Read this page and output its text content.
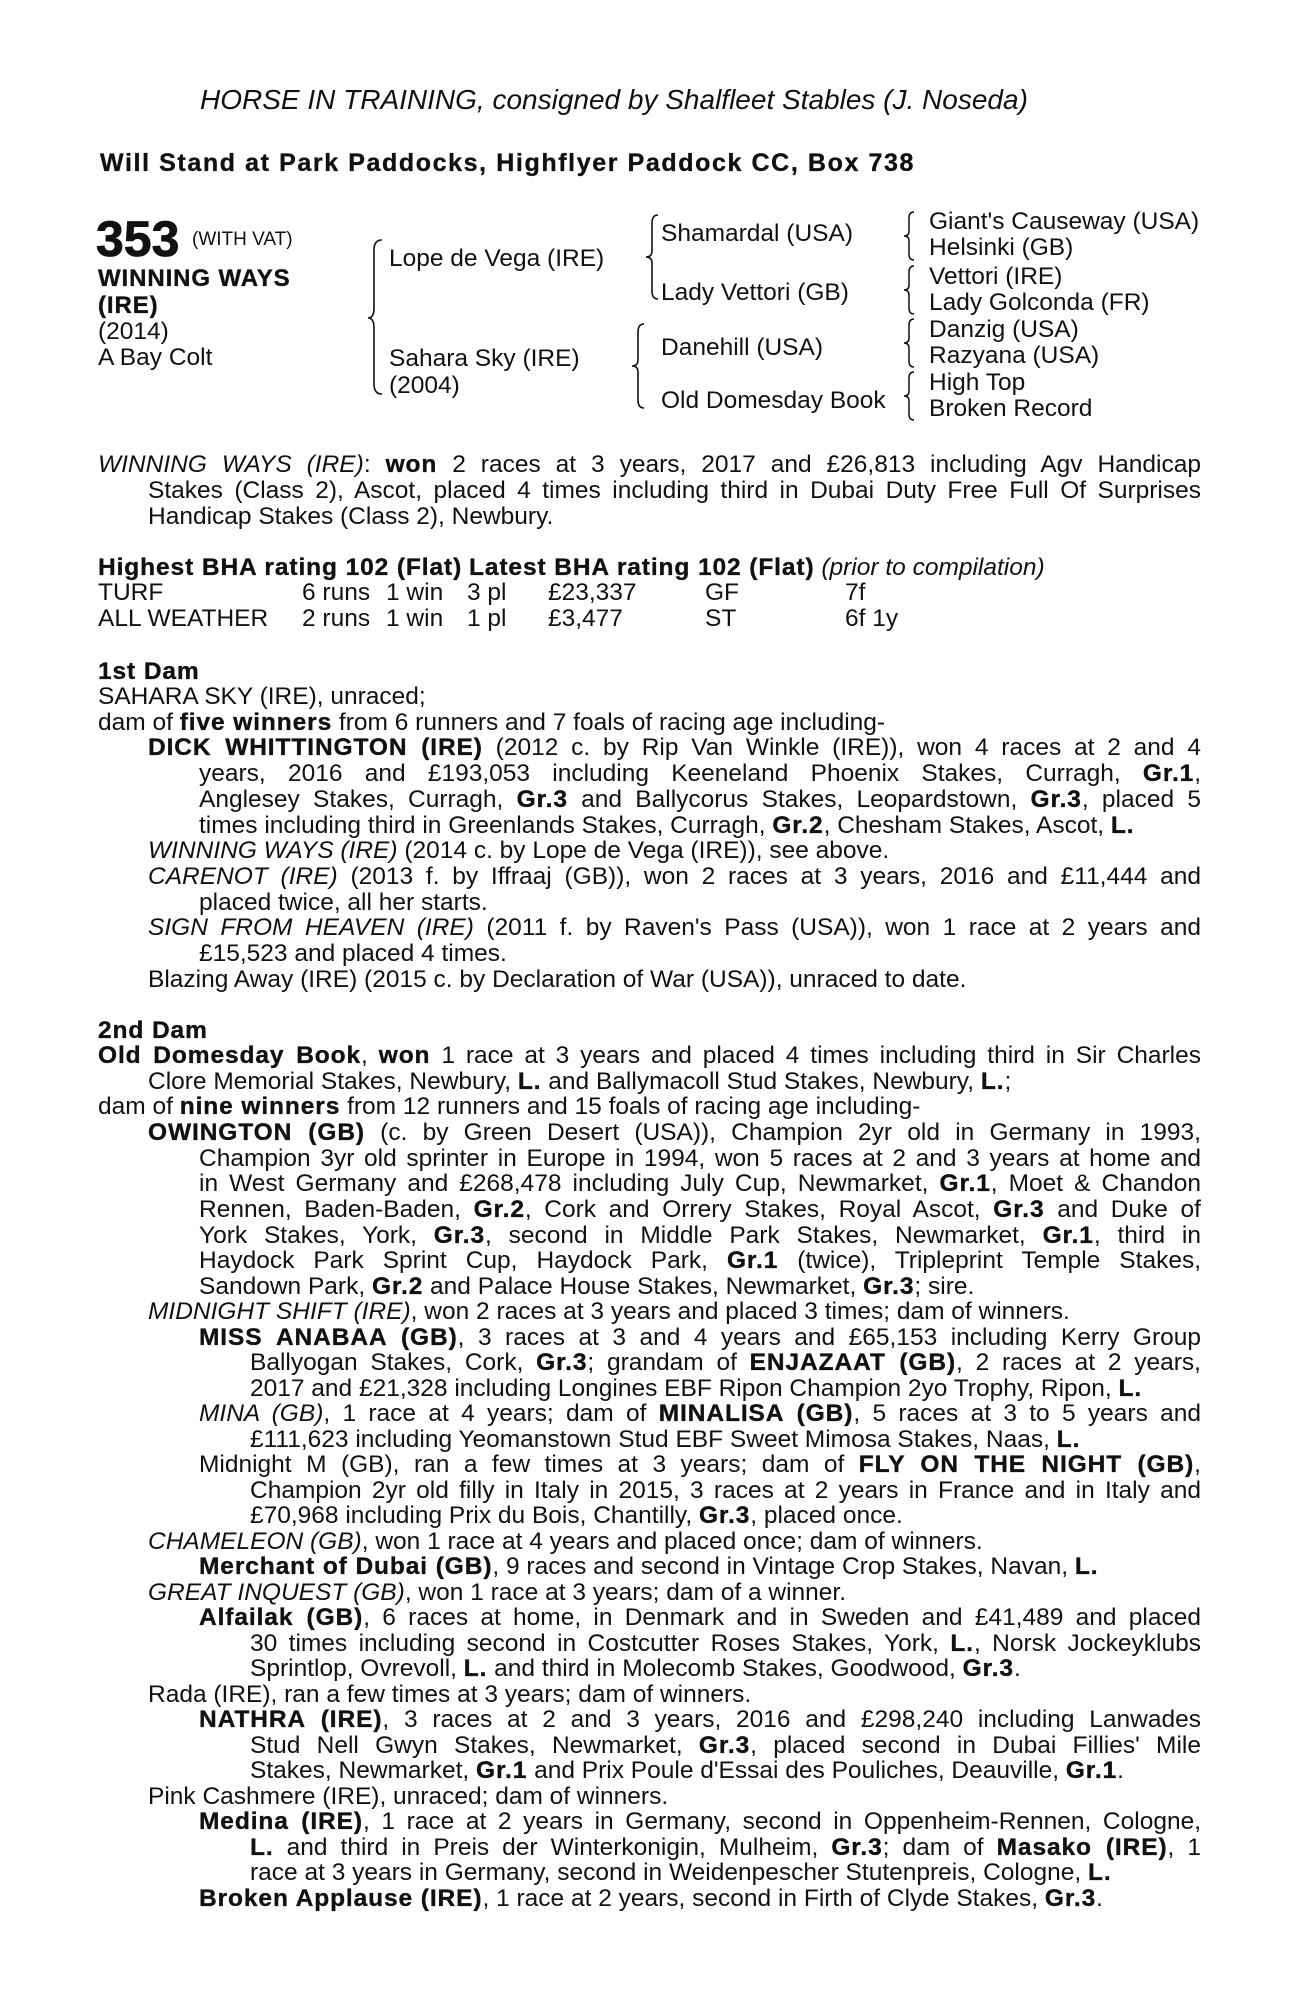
HORSE IN TRAINING, consigned by Shalfleet Stables (J. Noseda)
Will Stand at Park Paddocks, Highflyer Paddock CC, Box 738
353 (WITH VAT)
WINNING WAYS
(IRE)
(2014)
A Bay Colt
Lope de Vega (IRE)
Sahara Sky (IRE)
(2004)
Shamardal (USA)
Lady Vettori (GB)
Danehill (USA)
Old Domesday Book
Giant's Causeway (USA)
Helsinki (GB)
Vettori (IRE)
Lady Golconda (FR)
Danzig (USA)
Razyana (USA)
High Top
Broken Record
WINNING WAYS (IRE): won 2 races at 3 years, 2017 and £26,813 including Agv Handicap
Stakes (Class 2), Ascot, placed 4 times including third in Dubai Duty Free Full Of Surprises
Handicap Stakes (Class 2), Newbury.
Highest BHA rating 102 (Flat) Latest BHA rating 102 (Flat) (prior to compilation)
TURF	6 runs 1 win 3 pl £23,337	GF	7f
ALL WEATHER 2 runs 1 win 1 pl £3,477	ST	6f 1y
1st Dam
SAHARA SKY (IRE), unraced;
dam of five winners from 6 runners and 7 foals of racing age including-
DICK WHITTINGTON (IRE) (2012 c. by Rip Van Winkle (IRE)), won 4 races at 2 and 4
years, 2016 and £193,053 including Keeneland Phoenix Stakes, Curragh, Gr.1,
Anglesey Stakes, Curragh, Gr.3 and Ballycorus Stakes, Leopardstown, Gr.3, placed 5
times including third in Greenlands Stakes, Curragh, Gr.2, Chesham Stakes, Ascot, L.
WINNING WAYS (IRE) (2014 c. by Lope de Vega (IRE)), see above.
CARENOT (IRE) (2013 f. by Iffraaj (GB)), won 2 races at 3 years, 2016 and £11,444 and
placed twice, all her starts.
SIGN FROM HEAVEN (IRE) (2011 f. by Raven's Pass (USA)), won 1 race at 2 years and
£15,523 and placed 4 times.
Blazing Away (IRE) (2015 c. by Declaration of War (USA)), unraced to date.
2nd Dam
Old Domesday Book, won 1 race at 3 years and placed 4 times including third in Sir Charles
Clore Memorial Stakes, Newbury, L. and Ballymacoll Stud Stakes, Newbury, L.;
dam of nine winners from 12 runners and 15 foals of racing age including-
OWINGTON (GB) (c. by Green Desert (USA)), Champion 2yr old in Germany in 1993,
Champion 3yr old sprinter in Europe in 1994, won 5 races at 2 and 3 years at home and
in West Germany and £268,478 including July Cup, Newmarket, Gr.1, Moet & Chandon
Rennen, Baden-Baden, Gr.2, Cork and Orrery Stakes, Royal Ascot, Gr.3 and Duke of
York Stakes, York, Gr.3, second in Middle Park Stakes, Newmarket, Gr.1, third in
Haydock Park Sprint Cup, Haydock Park, Gr.1 (twice), Tripleprint Temple Stakes,
Sandown Park, Gr.2 and Palace House Stakes, Newmarket, Gr.3; sire.
MIDNIGHT SHIFT (IRE), won 2 races at 3 years and placed 3 times; dam of winners.
MISS ANABAA (GB), 3 races at 3 and 4 years and £65,153 including Kerry Group
Ballyogan Stakes, Cork, Gr.3; grandam of ENJAZAAT (GB), 2 races at 2 years,
2017 and £21,328 including Longines EBF Ripon Champion 2yo Trophy, Ripon, L.
MINA (GB), 1 race at 4 years; dam of MINALISA (GB), 5 races at 3 to 5 years and
£111,623 including Yeomanstown Stud EBF Sweet Mimosa Stakes, Naas, L.
Midnight M (GB), ran a few times at 3 years; dam of FLY ON THE NIGHT (GB),
Champion 2yr old filly in Italy in 2015, 3 races at 2 years in France and in Italy and
£70,968 including Prix du Bois, Chantilly, Gr.3, placed once.
CHAMELEON (GB), won 1 race at 4 years and placed once; dam of winners.
Merchant of Dubai (GB), 9 races and second in Vintage Crop Stakes, Navan, L.
GREAT INQUEST (GB), won 1 race at 3 years; dam of a winner.
Alfailak (GB), 6 races at home, in Denmark and in Sweden and £41,489 and placed
30 times including second in Costcutter Roses Stakes, York, L., Norsk Jockeyklubs
Sprintlop, Ovrevoll, L. and third in Molecomb Stakes, Goodwood, Gr.3.
Rada (IRE), ran a few times at 3 years; dam of winners.
NATHRA (IRE), 3 races at 2 and 3 years, 2016 and £298,240 including Lanwades
Stud Nell Gwyn Stakes, Newmarket, Gr.3, placed second in Dubai Fillies' Mile
Stakes, Newmarket, Gr.1 and Prix Poule d'Essai des Pouliches, Deauville, Gr.1.
Pink Cashmere (IRE), unraced; dam of winners.
Medina (IRE), 1 race at 2 years in Germany, second in Oppenheim-Rennen, Cologne,
L. and third in Preis der Winterkonigin, Mulheim, Gr.3; dam of Masako (IRE), 1
race at 3 years in Germany, second in Weidenpescher Stutenpreis, Cologne, L.
Broken Applause (IRE), 1 race at 2 years, second in Firth of Clyde Stakes, Gr.3.
